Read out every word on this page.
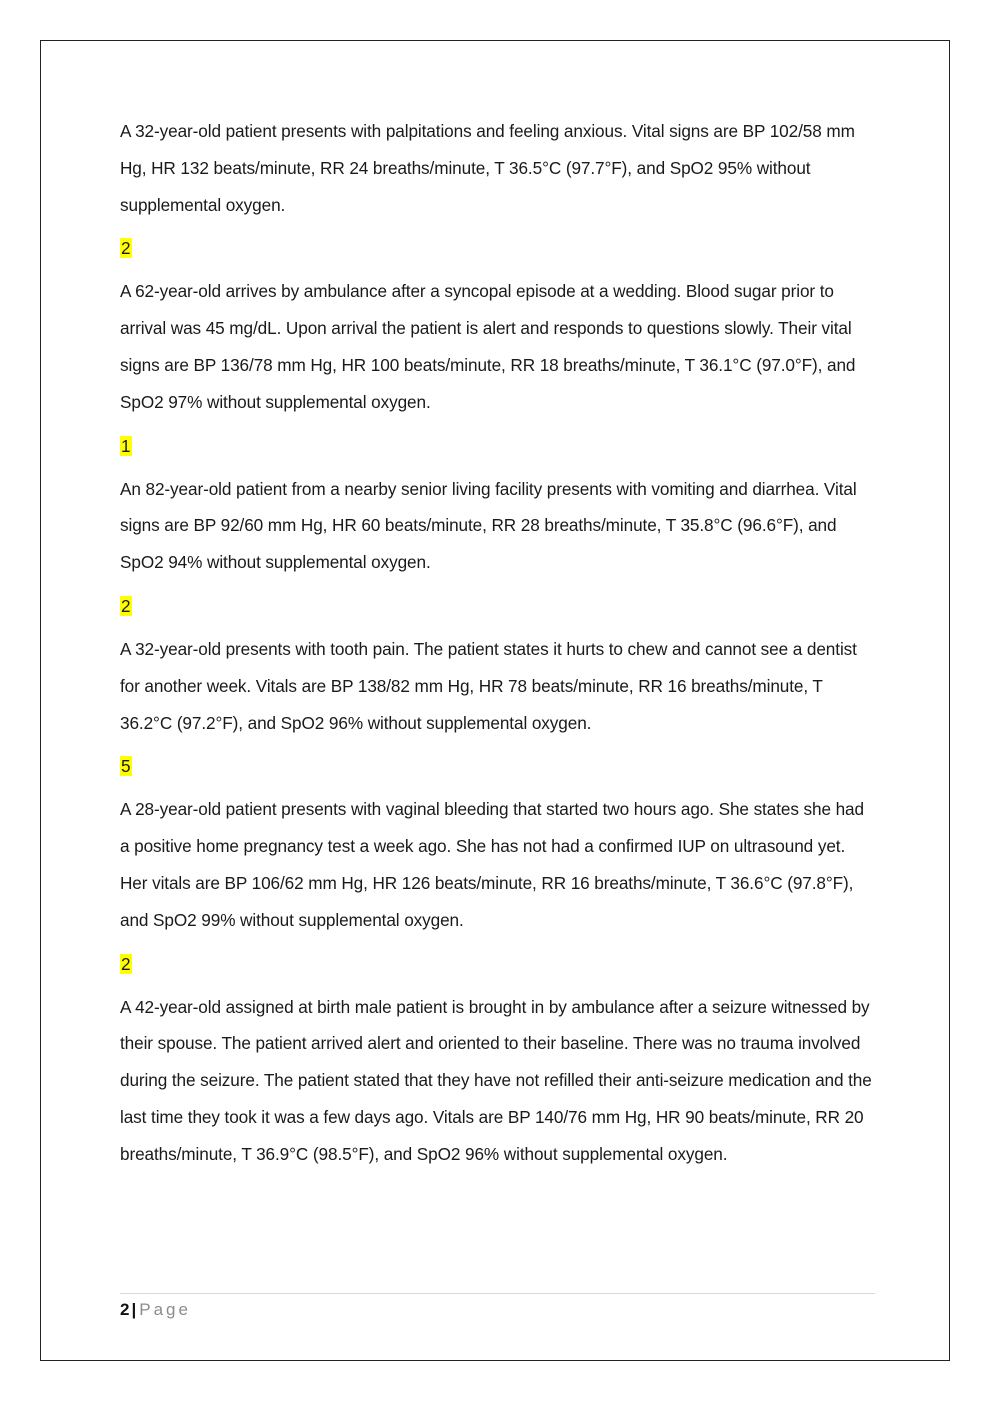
A 32-year-old patient presents with palpitations and feeling anxious. Vital signs are BP 102/58 mm Hg, HR 132 beats/minute, RR 24 breaths/minute, T 36.5°C (97.7°F), and SpO2 95% without supplemental oxygen.

2

A 62-year-old arrives by ambulance after a syncopal episode at a wedding. Blood sugar prior to arrival was 45 mg/dL. Upon arrival the patient is alert and responds to questions slowly. Their vital signs are BP 136/78 mm Hg, HR 100 beats/minute, RR 18 breaths/minute, T 36.1°C (97.0°F), and SpO2 97% without supplemental oxygen.

1

An 82-year-old patient from a nearby senior living facility presents with vomiting and diarrhea. Vital signs are BP 92/60 mm Hg, HR 60 beats/minute, RR 28 breaths/minute, T 35.8°C (96.6°F), and SpO2 94% without supplemental oxygen.

2

A 32-year-old presents with tooth pain. The patient states it hurts to chew and cannot see a dentist for another week. Vitals are BP 138/82 mm Hg, HR 78 beats/minute, RR 16 breaths/minute, T 36.2°C (97.2°F), and SpO2 96% without supplemental oxygen.

5

A 28-year-old patient presents with vaginal bleeding that started two hours ago. She states she had a positive home pregnancy test a week ago. She has not had a confirmed IUP on ultrasound yet. Her vitals are BP 106/62 mm Hg, HR 126 beats/minute, RR 16 breaths/minute, T 36.6°C (97.8°F), and SpO2 99% without supplemental oxygen.

2

A 42-year-old assigned at birth male patient is brought in by ambulance after a seizure witnessed by their spouse. The patient arrived alert and oriented to their baseline. There was no trauma involved during the seizure. The patient stated that they have not refilled their anti-seizure medication and the last time they took it was a few days ago. Vitals are BP 140/76 mm Hg, HR 90 beats/minute, RR 20 breaths/minute, T 36.9°C (98.5°F), and SpO2 96% without supplemental oxygen.

2 | Page
